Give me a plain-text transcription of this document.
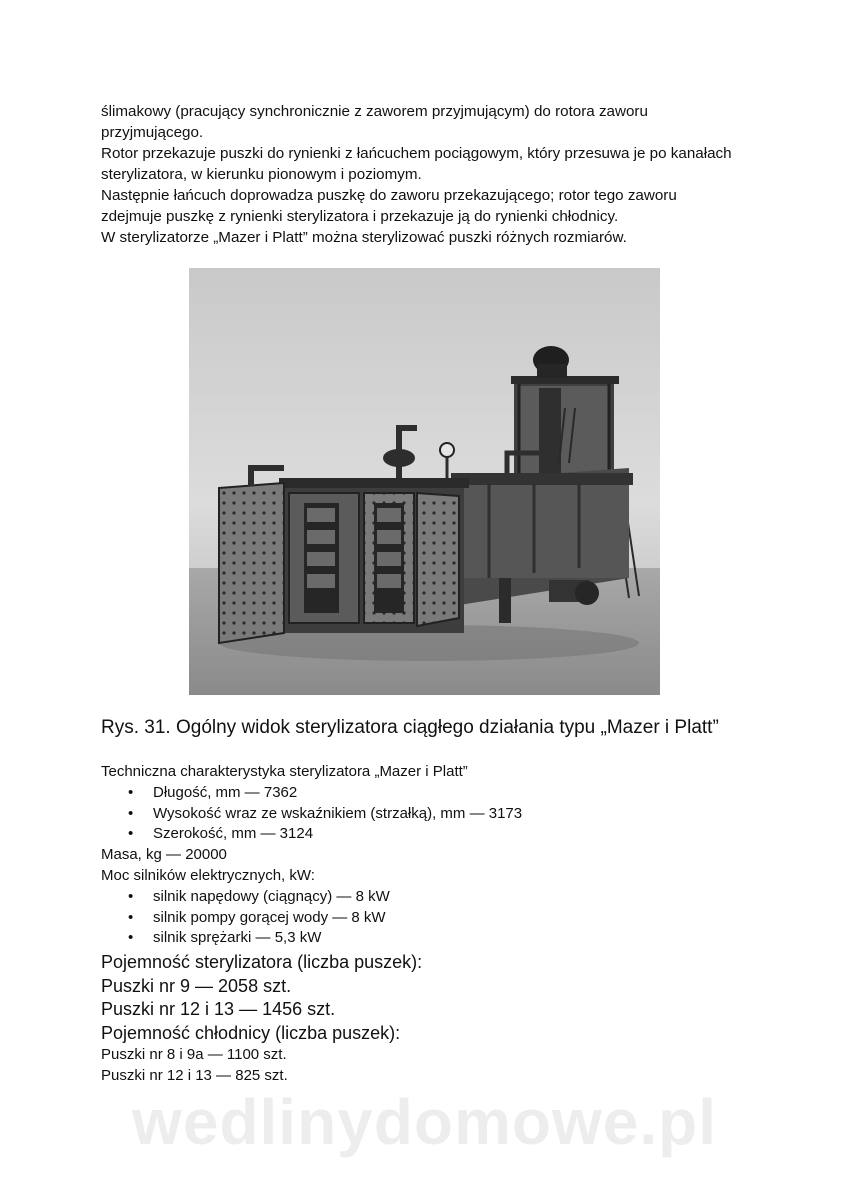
ślimakowy (pracujący synchronicznie z zaworem przyjmującym) do rotora zaworu przyjmującego.

Rotor przekazuje puszki do rynienki z łańcuchem pociągowym, który przesuwa je po kanałach sterylizatora, w kierunku pionowym i poziomym.

Następnie łańcuch doprowadza puszkę do zaworu przekazującego; rotor tego zaworu zdejmuje puszkę z rynienki sterylizatora i przekazuje ją do rynienki chłodnicy.

W sterylizatorze „Mazer i Platt” można sterylizować puszki różnych rozmiarów.

Rys. 31. Ogólny widok sterylizatora ciągłego działania typu „Mazer i Platt”

Techniczna charakterystyka sterylizatora „Mazer i Platt”

• Długość, mm — 7362
• Wysokość wraz ze wskaźnikiem (strzałką), mm — 3173
• Szerokość, mm — 3124

Masa, kg — 20000

Moc silników elektrycznych, kW:

• silnik napędowy (ciągnący) — 8 kW
• silnik pompy gorącej wody — 8 kW
• silnik sprężarki — 5,3 kW

Pojemność sterylizatora (liczba puszek):

Puszki nr 9 — 2058 szt.

Puszki nr 12 i 13 — 1456 szt.

Pojemność chłodnicy (liczba puszek):

Puszki nr 8 i 9a — 1100 szt.

Puszki nr 12 i 13 — 825 szt.

wedlinydomowe.pl
